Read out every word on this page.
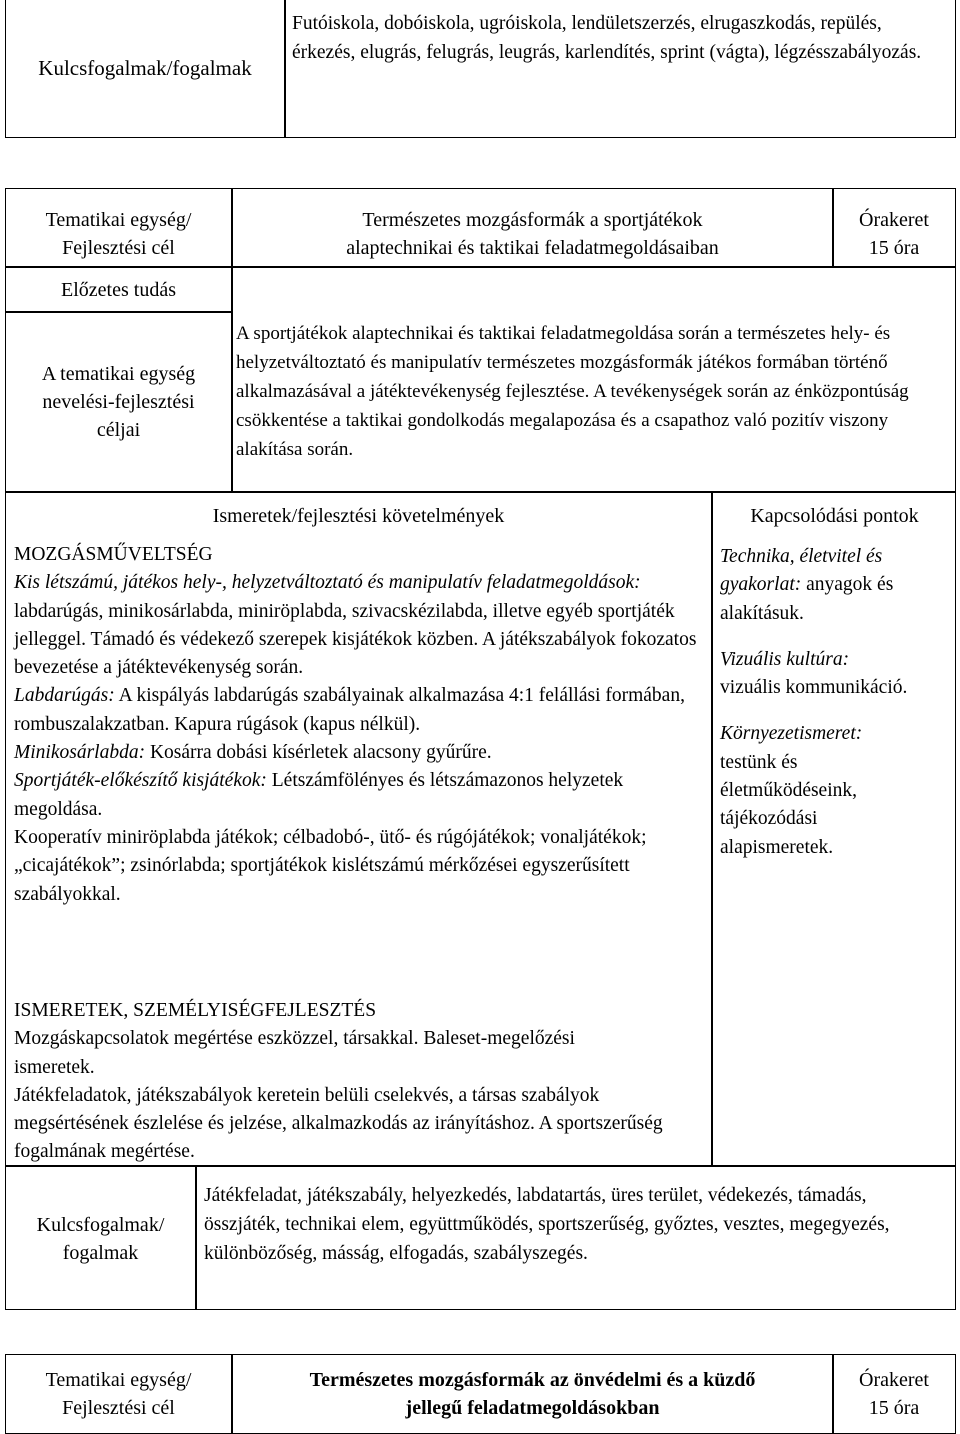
Kulcsfogalmak/fogalmak
Futóiskola, dobóiskola, ugróiskola, lendületszerzés, elrugaszkodás, repülés, érkezés, elugrás, felugrás, leugrás, karlendítés, sprint (vágta), légzésszabályozás.

Tematikai egység/

Fejlesztési cél

Természetes mozgásformák a sportjátékok

alaptechnikai és taktikai feladatmegoldásaiban

Órakeret

15 óra

Előzetes tudás

A tematikai egység

nevelési-fejlesztési

céljai

A sportjátékok alaptechnikai és taktikai feladatmegoldása során a természetes hely- és helyzetváltoztató és manipulatív természetes mozgásformák játékos formában történő alkalmazásával a játéktevékenység fejlesztése. A tevékenységek során az énközpontúság csökkentése a taktikai gondolkodás megalapozása és a csapathoz való pozitív viszony alakítása során.
Ismeretek/fejlesztési követelmények	Kapcsolódási pontok

MOZGÁSMŰVELTSÉG

Kis létszámú, játékos hely-, helyzetváltoztató és manipulatív feladatmegoldások: labdarúgás, minikosárlabda, miniröplabda, szivacskézilabda, illetve egyéb sportjáték jelleggel. Támadó és védekező szerepek kisjátékok közben. A játékszabályok fokozatos bevezetése a játéktevékenység során.

Labdarúgás: A kispályás labdarúgás szabályainak alkalmazása 4:1 felállási formában, rombuszalakzatban. Kapura rúgások (kapus nélkül).

Minikosárlabda: Kosárra dobási kísérletek alacsony gyűrűre.

Sportjáték-előkészítő kisjátékok: Létszámfölényes és létszámazonos helyzetek megoldása.

Kooperatív miniröplabda játékok; célbadobó-, ütő- és rúgójátékok; vonaljátékok; „cicajátékok”; zsinórlabda; sportjátékok kislétszámú mérkőzései egyszerűsített szabályokkal.

ISMERETEK, SZEMÉLYISÉGFEJLESZTÉS

Mozgáskapcsolatok megértése eszközzel, társakkal. Baleset-megelőzési ismeretek.

Játékfeladatok, játékszabályok keretein belüli cselekvés, a társas szabályok megsértésének észlelése és jelzése, alkalmazkodás az irányításhoz. A sportszerűség fogalmának megértése.

Technika, életvitel és gyakorlat: anyagok és alakításuk.

Vizuális kultúra:
vizuális kommunikáció.

Környezetismeret:
testünk és életműködéseink, tájékozódási alapismeretek.

Kulcsfogalmak/

fogalmak

Játékfeladat, játékszabály, helyezkedés, labdatartás, üres terület, védekezés, támadás, összjáték, technikai elem, együttműködés, sportszerűség, győztes, vesztes, megegyezés, különbözőség, másság, elfogadás, szabályszegés.

Tematikai egység/

Fejlesztési cél

Természetes mozgásformák az önvédelmi és a küzdő

jellegű feladatmegoldásokban

Órakeret

15 óra
